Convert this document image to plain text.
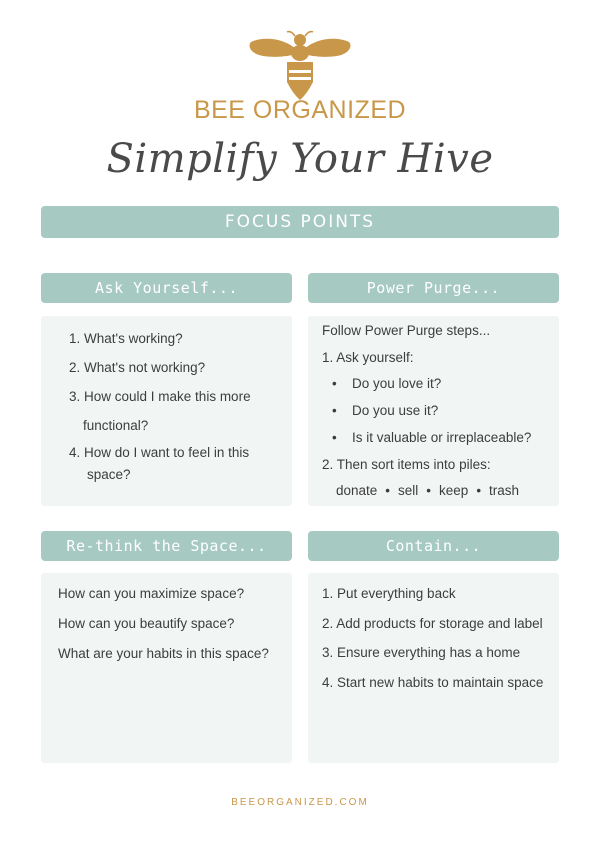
BEE ORGANIZED
Simplify Your Hive
FOCUS POINTS
Ask Yourself...
1. What's working?
2. What's not working?
3. How could I make this more
functional?
4. How do I want to feel in this
space?
Power Purge...
Follow Power Purge steps...
1. Ask yourself:
• Do you love it?
• Do you use it?
• Is it valuable or irreplaceable?
2. Then sort items into piles:
donate • sell • keep • trash
Re-think the Space...
How can you maximize space?
How can you beautify space?
What are your habits in this space?
Contain...
1. Put everything back
2. Add products for storage and label
3. Ensure everything has a home
4. Start new habits to maintain space
BEEORGANIZED.COM
